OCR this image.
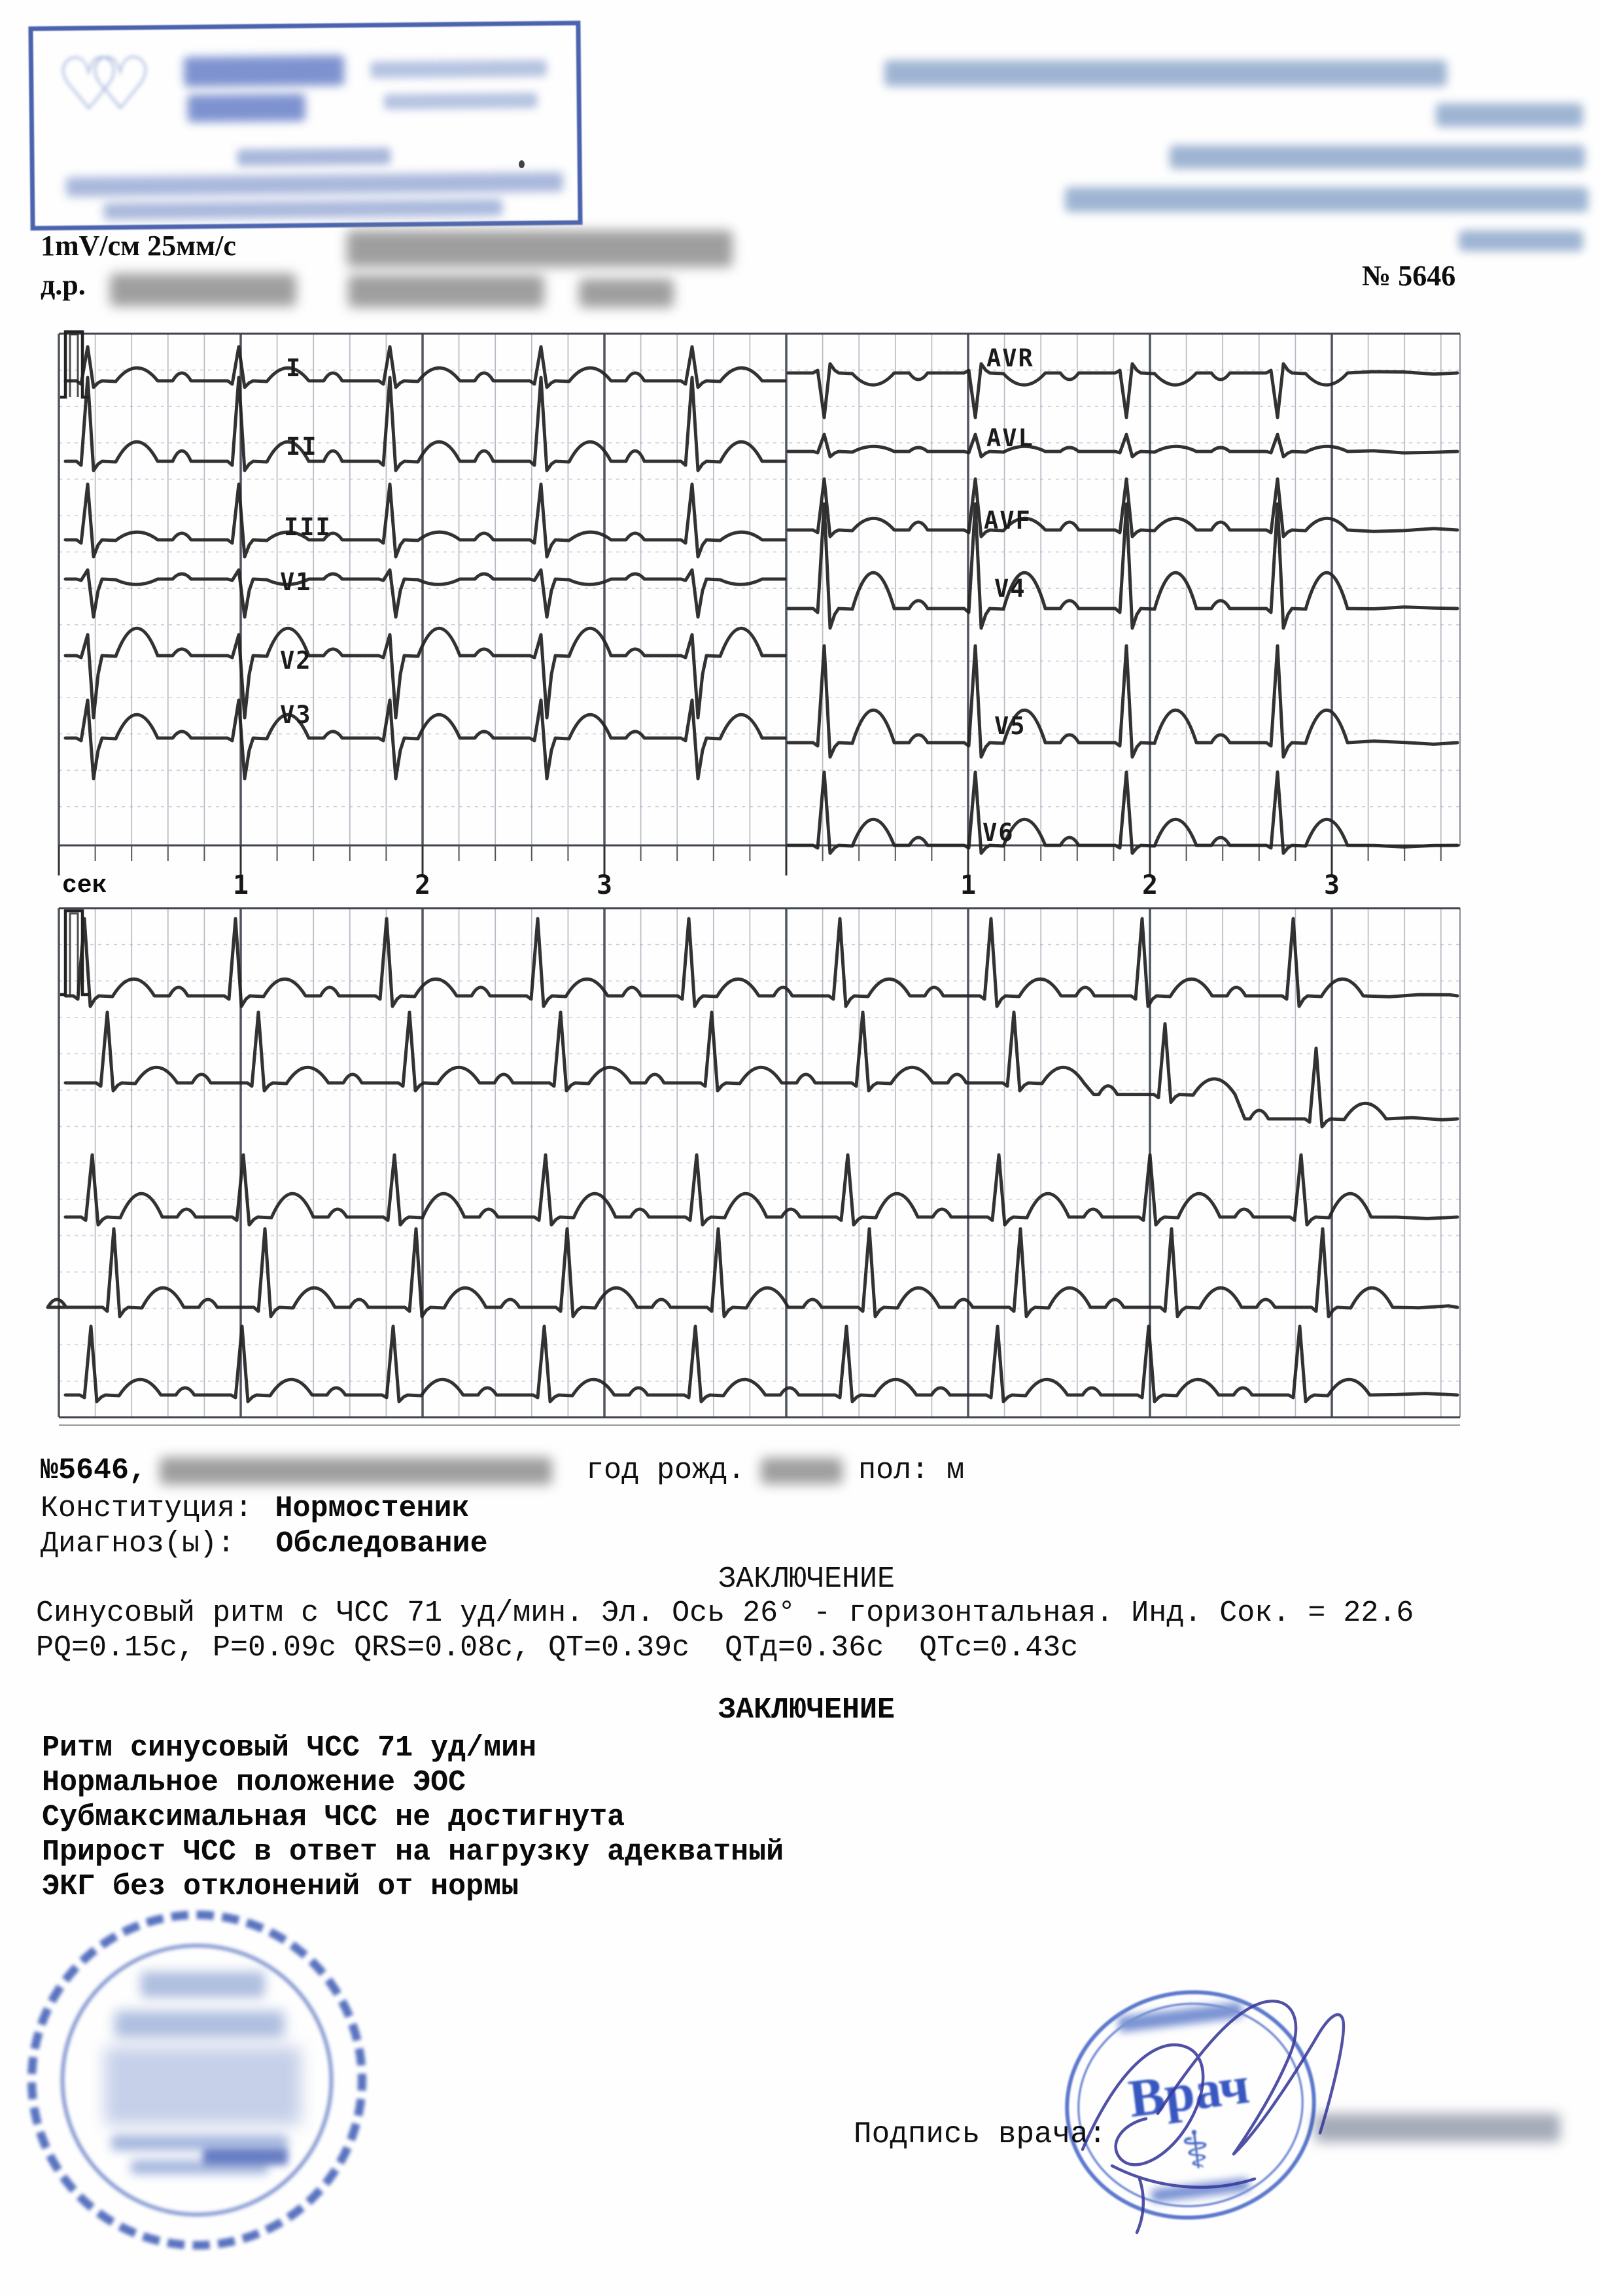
I
II
III
V1
V2
V3
AVR
AVL
AVF
V4
V5
V6
♡♡
1mV/см 25мм/с
д.р.	№ 5646
сек	1	2	3	1	2	3
№5646,	год рожд.	пол: м
Конституция: Нормостеник
Диагноз(ы): Обследование
ЗАКЛЮЧЕНИЕ
Синусовый ритм с ЧСС 71 уд/мин. Эл. Ось 26° - горизонтальная. Инд. Сок. = 22.6
PQ=0.15с, P=0.09с QRS=0.08с, QT=0.39с  QTд=0.36с  QTс=0.43с
ЗАКЛЮЧЕНИЕ
Ритм синусовый ЧСС 71 уд/мин
Нормальное положение ЭОС
Субмаксимальная ЧСС не достигнута
Прирост ЧСС в ответ на нагрузку адекватный
ЭКГ без отклонений от нормы
Подпись врача:
Врач
⚕
